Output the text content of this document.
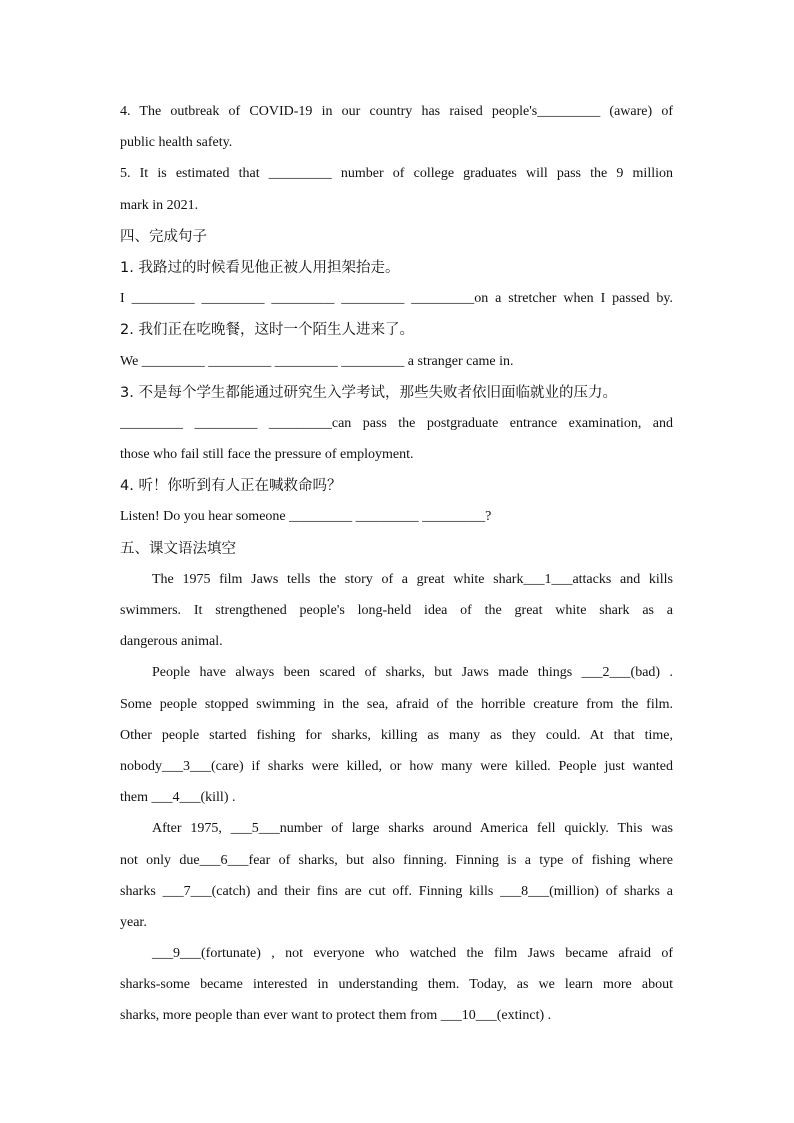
4. The outbreak of COVID-19 in our country has raised people's_________ (aware) of
public health safety.
5. It is estimated that _________ number of college graduates will pass the 9 million
mark in 2021.
四、完成句子
1. 我路过的时候看见他正被人用担架抬走。
I _________ _________ _________ _________ _________on a stretcher when I passed by.
2. 我们正在吃晚餐，这时一个陌生人进来了。
We _________ _________ _________ _________ a stranger came in.
3. 不是每个学生都能通过研究生入学考试，那些失败者依旧面临就业的压力。
_________ _________ _________can pass the postgraduate entrance examination, and
those who fail still face the pressure of employment.
4. 听！你听到有人正在喊救命吗？
Listen! Do you hear someone _________ _________ _________?
五、课文语法填空
The 1975 film Jaws tells the story of a great white shark___1___attacks and kills
swimmers. It strengthened people's long-held idea of the great white shark as a
dangerous animal.
People have always been scared of sharks, but Jaws made things ___2___(bad) .
Some people stopped swimming in the sea, afraid of the horrible creature from the film.
Other people started fishing for sharks, killing as many as they could. At that time,
nobody___3___(care) if sharks were killed, or how many were killed. People just wanted
them ___4___(kill) .
After 1975, ___5___number of large sharks around America fell quickly. This was
not only due___6___fear of sharks, but also finning. Finning is a type of fishing where
sharks ___7___(catch) and their fins are cut off. Finning kills ___8___(million) of sharks a
year.
___9___(fortunate) , not everyone who watched the film Jaws became afraid of
sharks-some became interested in understanding them. Today, as we learn more about
sharks, more people than ever want to protect them from ___10___(extinct) .
